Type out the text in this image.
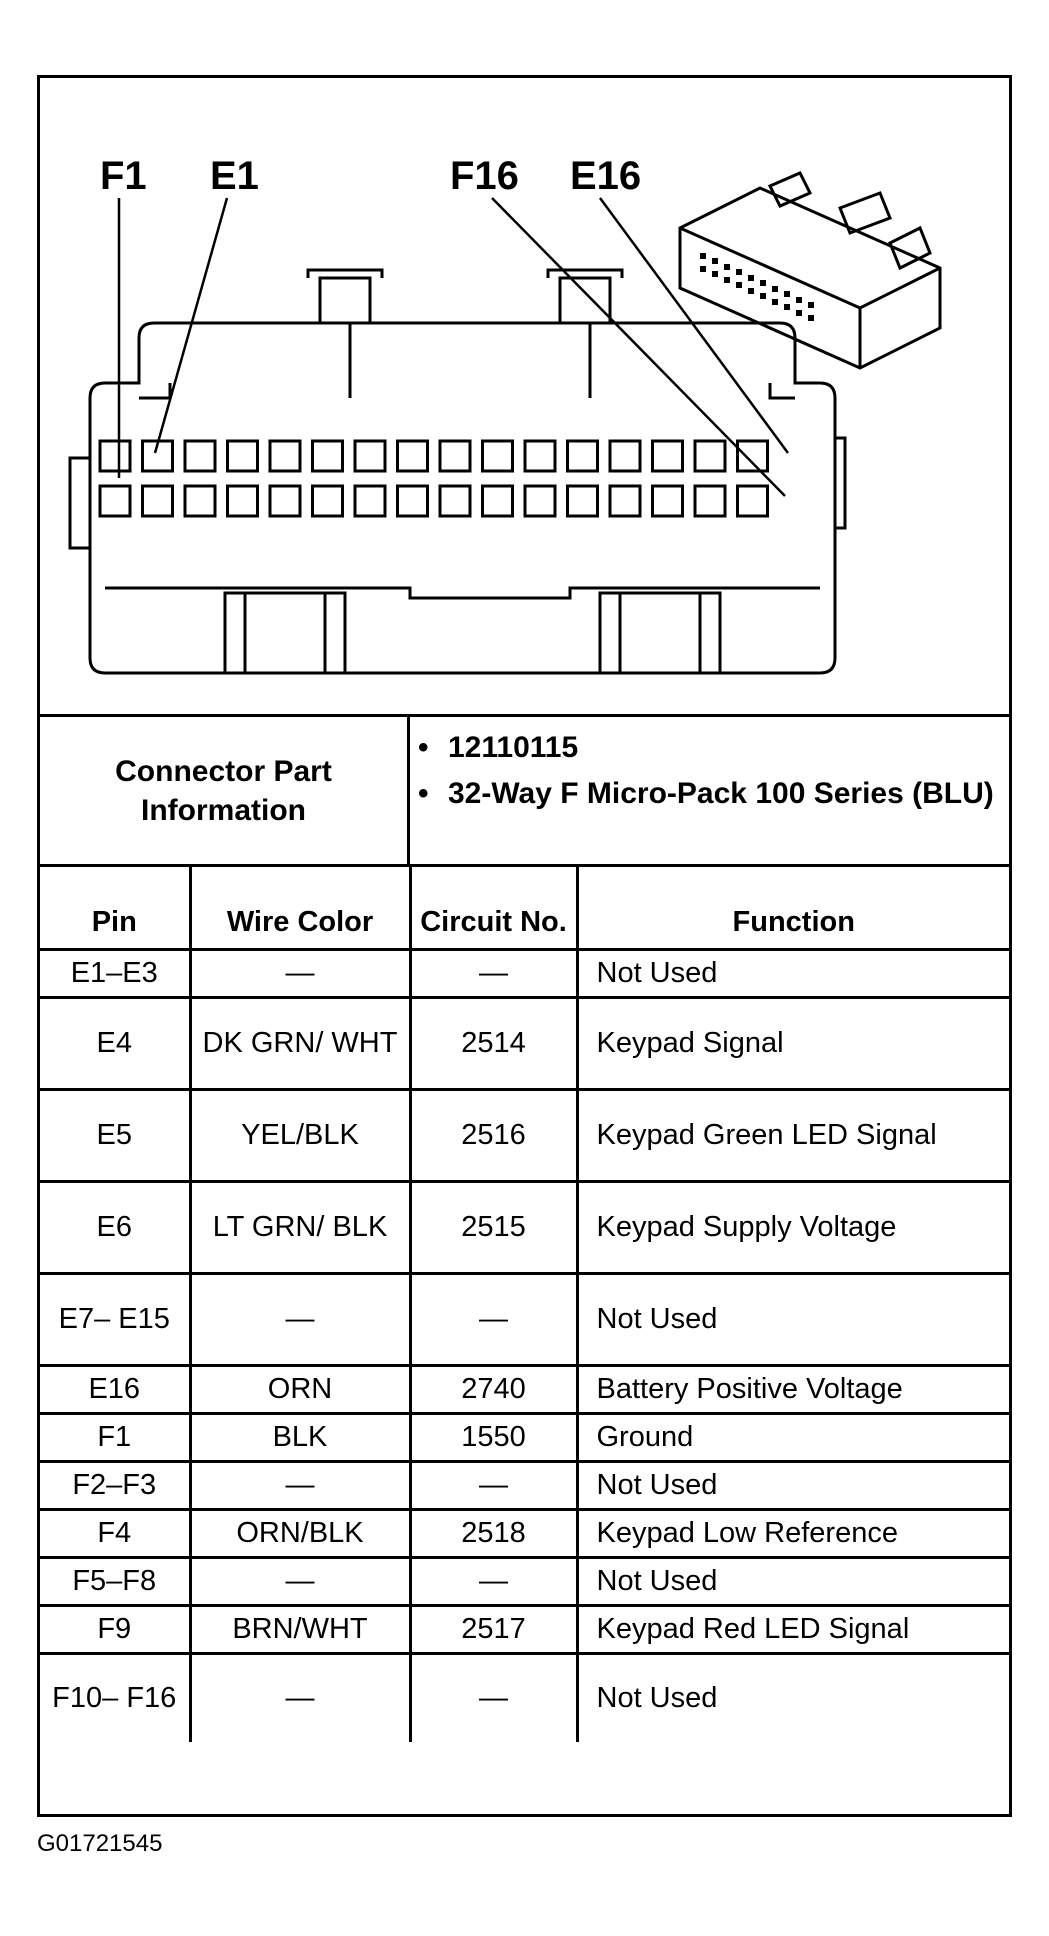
F1 E1	F16 E16
Connector Part Information
• 12110115
• 32-Way F Micro-Pack 100 Series (BLU)
Pin	Wire Color	Circuit No.	Function
E1–E3	—	—	Not Used
E4	DK GRN/ WHT	2514	Keypad Signal
E5	YEL/BLK	2516	Keypad Green LED Signal
E6	LT GRN/ BLK	2515	Keypad Supply Voltage
E7– E15	—	—	Not Used
E16	ORN	2740	Battery Positive Voltage
F1	BLK	1550	Ground
F2–F3	—	—	Not Used
F4	ORN/BLK	2518	Keypad Low Reference
F5–F8	—	—	Not Used
F9	BRN/WHT	2517	Keypad Red LED Signal
F10– F16	—	—	Not Used
G01721545
